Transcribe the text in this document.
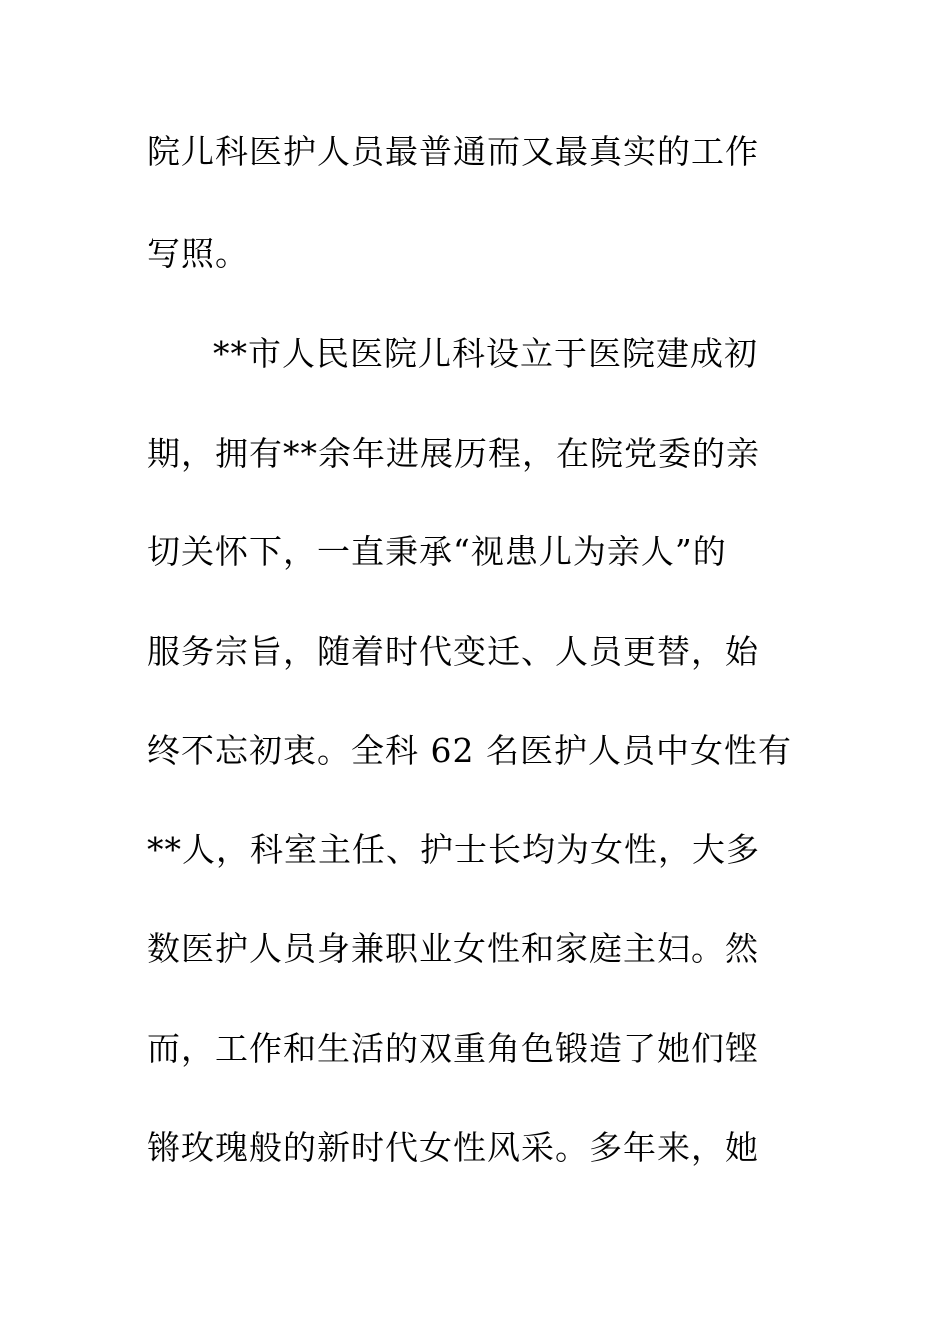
院儿科医护人员最普通而又最真实的工作
写照。
**市人民医院儿科设立于医院建成初
期，拥有**余年进展历程，在院党委的亲
切关怀下，一直秉承“视患儿为亲人”的
服务宗旨，随着时代变迁、人员更替，始
终不忘初衷。全科 62 名医护人员中女性有
**人，科室主任、护士长均为女性，大多
数医护人员身兼职业女性和家庭主妇。然
而，工作和生活的双重角色锻造了她们铿
锵玫瑰般的新时代女性风采。多年来，她
